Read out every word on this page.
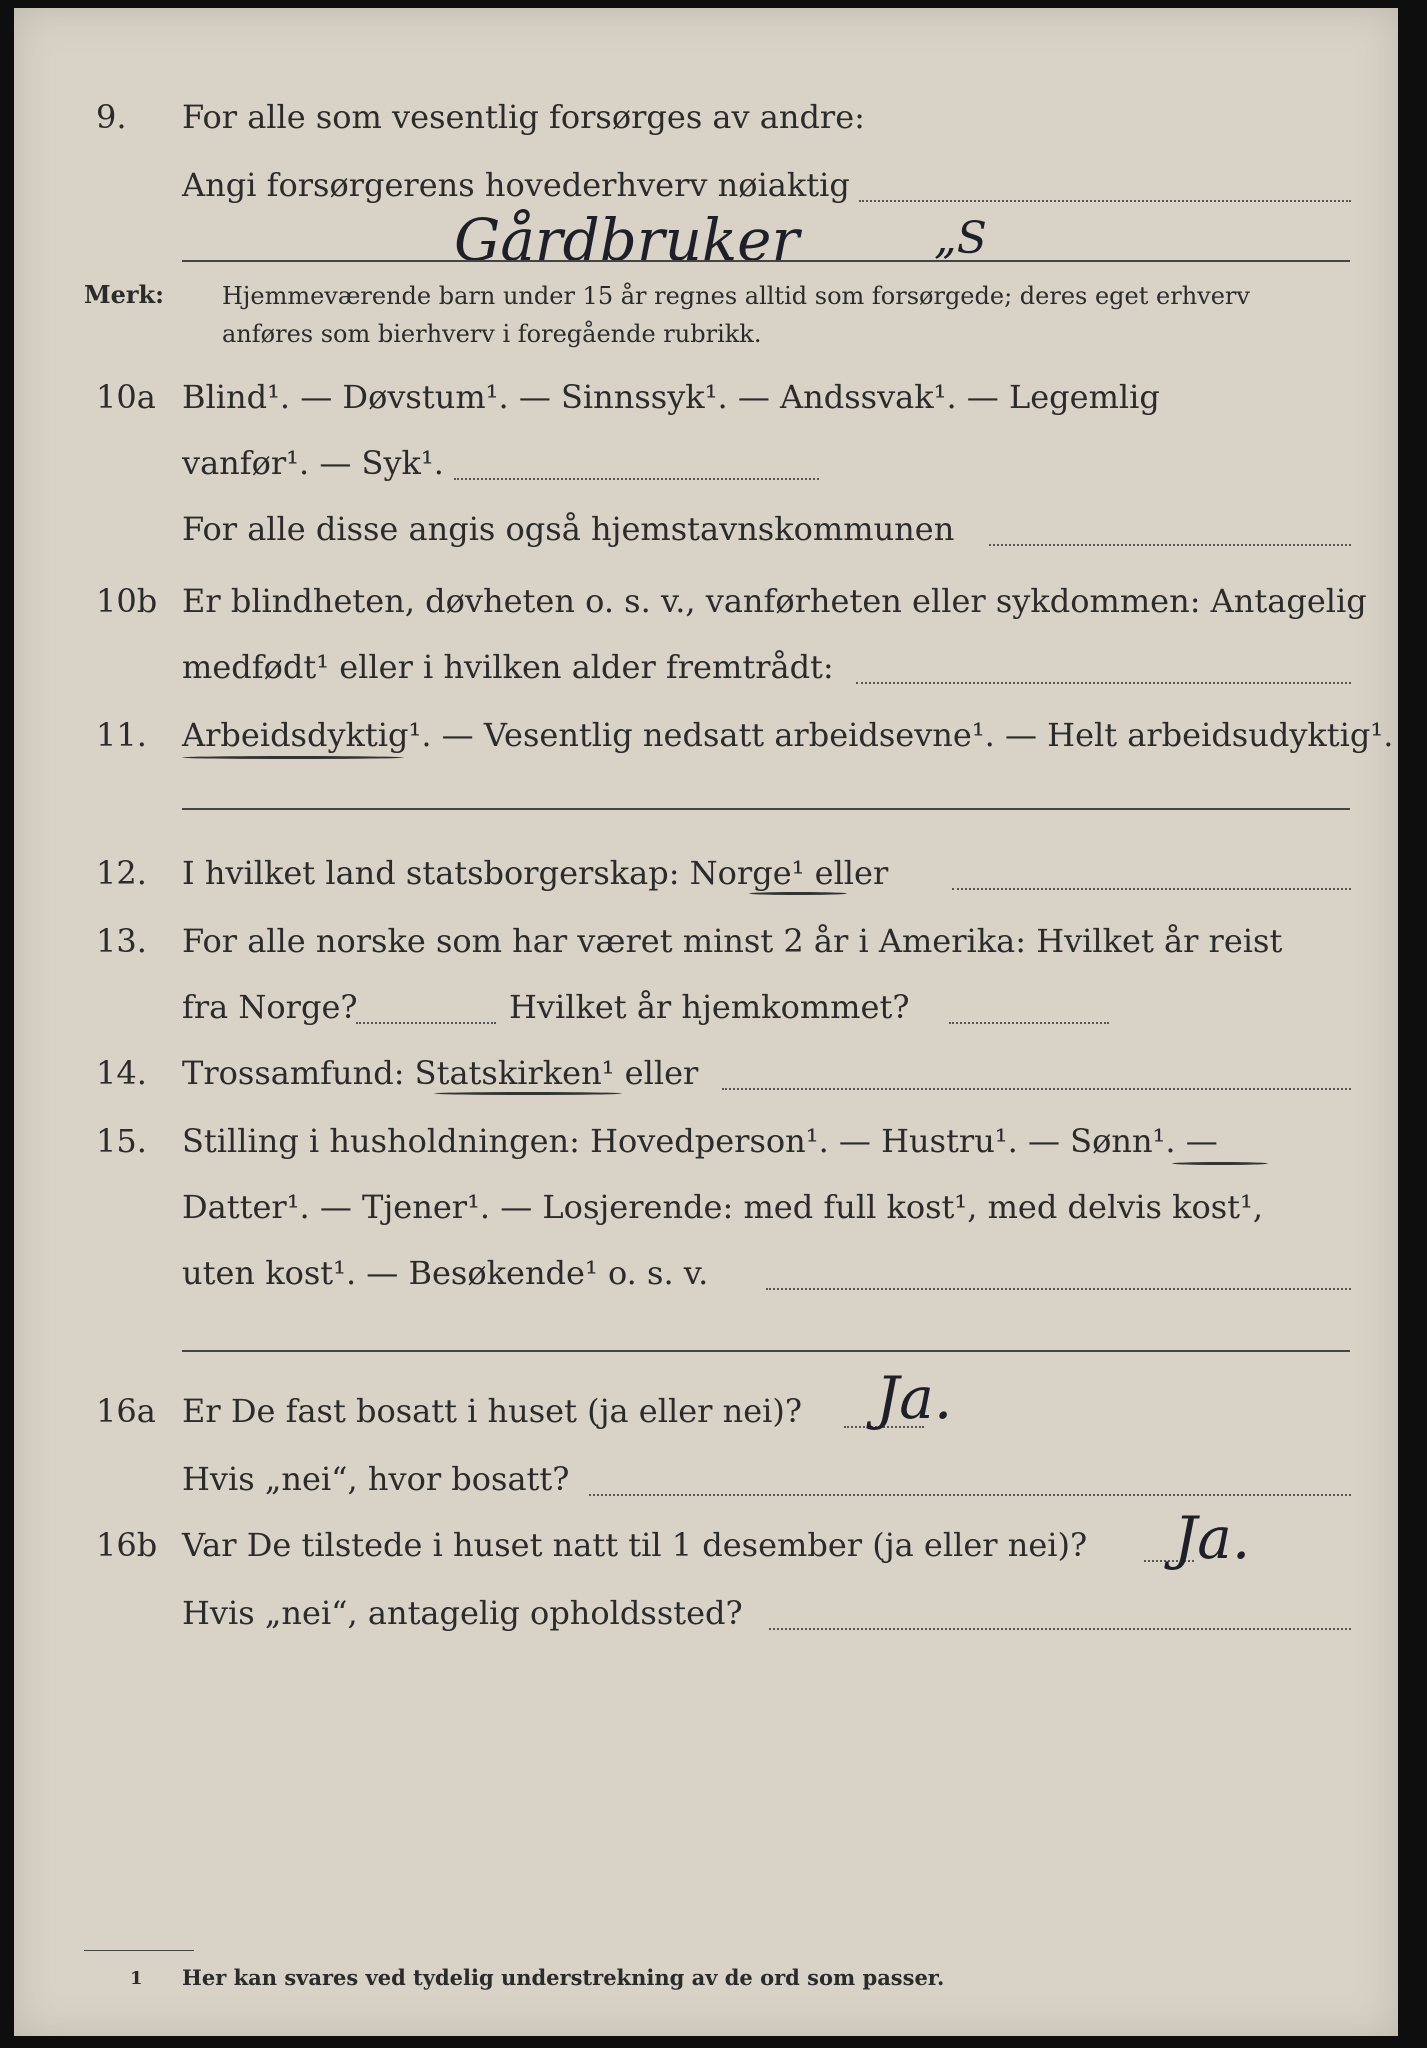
9. For alle som vesentlig forsørges av andre:
Angi forsørgerens hovederhverv nøiaktig
Gårdbruker	„S
Merk: Hjemmeværende barn under 15 år regnes alltid som forsørgede; deres eget erhverv
anføres som bierhverv i foregående rubrikk.
10a Blind¹. — Døvstum¹. — Sinnssyk¹. — Andssvak¹. — Legemlig
vanfør¹. — Syk¹.
For alle disse angis også hjemstavnskommunen
10b Er blindheten, døvheten o. s. v., vanførheten eller sykdommen: Antagelig
medfødt¹ eller i hvilken alder fremtrådt:
11. Arbeidsdyktig¹. — Vesentlig nedsatt arbeidsevne¹. — Helt arbeidsudyktig¹.
12. I hvilket land statsborgerskap: Norge¹ eller
13. For alle norske som har været minst 2 år i Amerika: Hvilket år reist
fra Norge?	Hvilket år hjemkommet?
14. Trossamfund: Statskirken¹ eller
15. Stilling i husholdningen: Hovedperson¹. — Hustru¹. — Sønn¹. —
Datter¹. — Tjener¹. — Losjerende: med full kost¹, med delvis kost¹,
uten kost¹. — Besøkende¹ o. s. v.
16a Er De fast bosatt i huset (ja eller nei)? Ja.
Hvis „nei“, hvor bosatt?
16b Var De tilstede i huset natt til 1 desember (ja eller nei)? Ja.
Hvis „nei“, antagelig opholdssted?
1 Her kan svares ved tydelig understrekning av de ord som passer.
